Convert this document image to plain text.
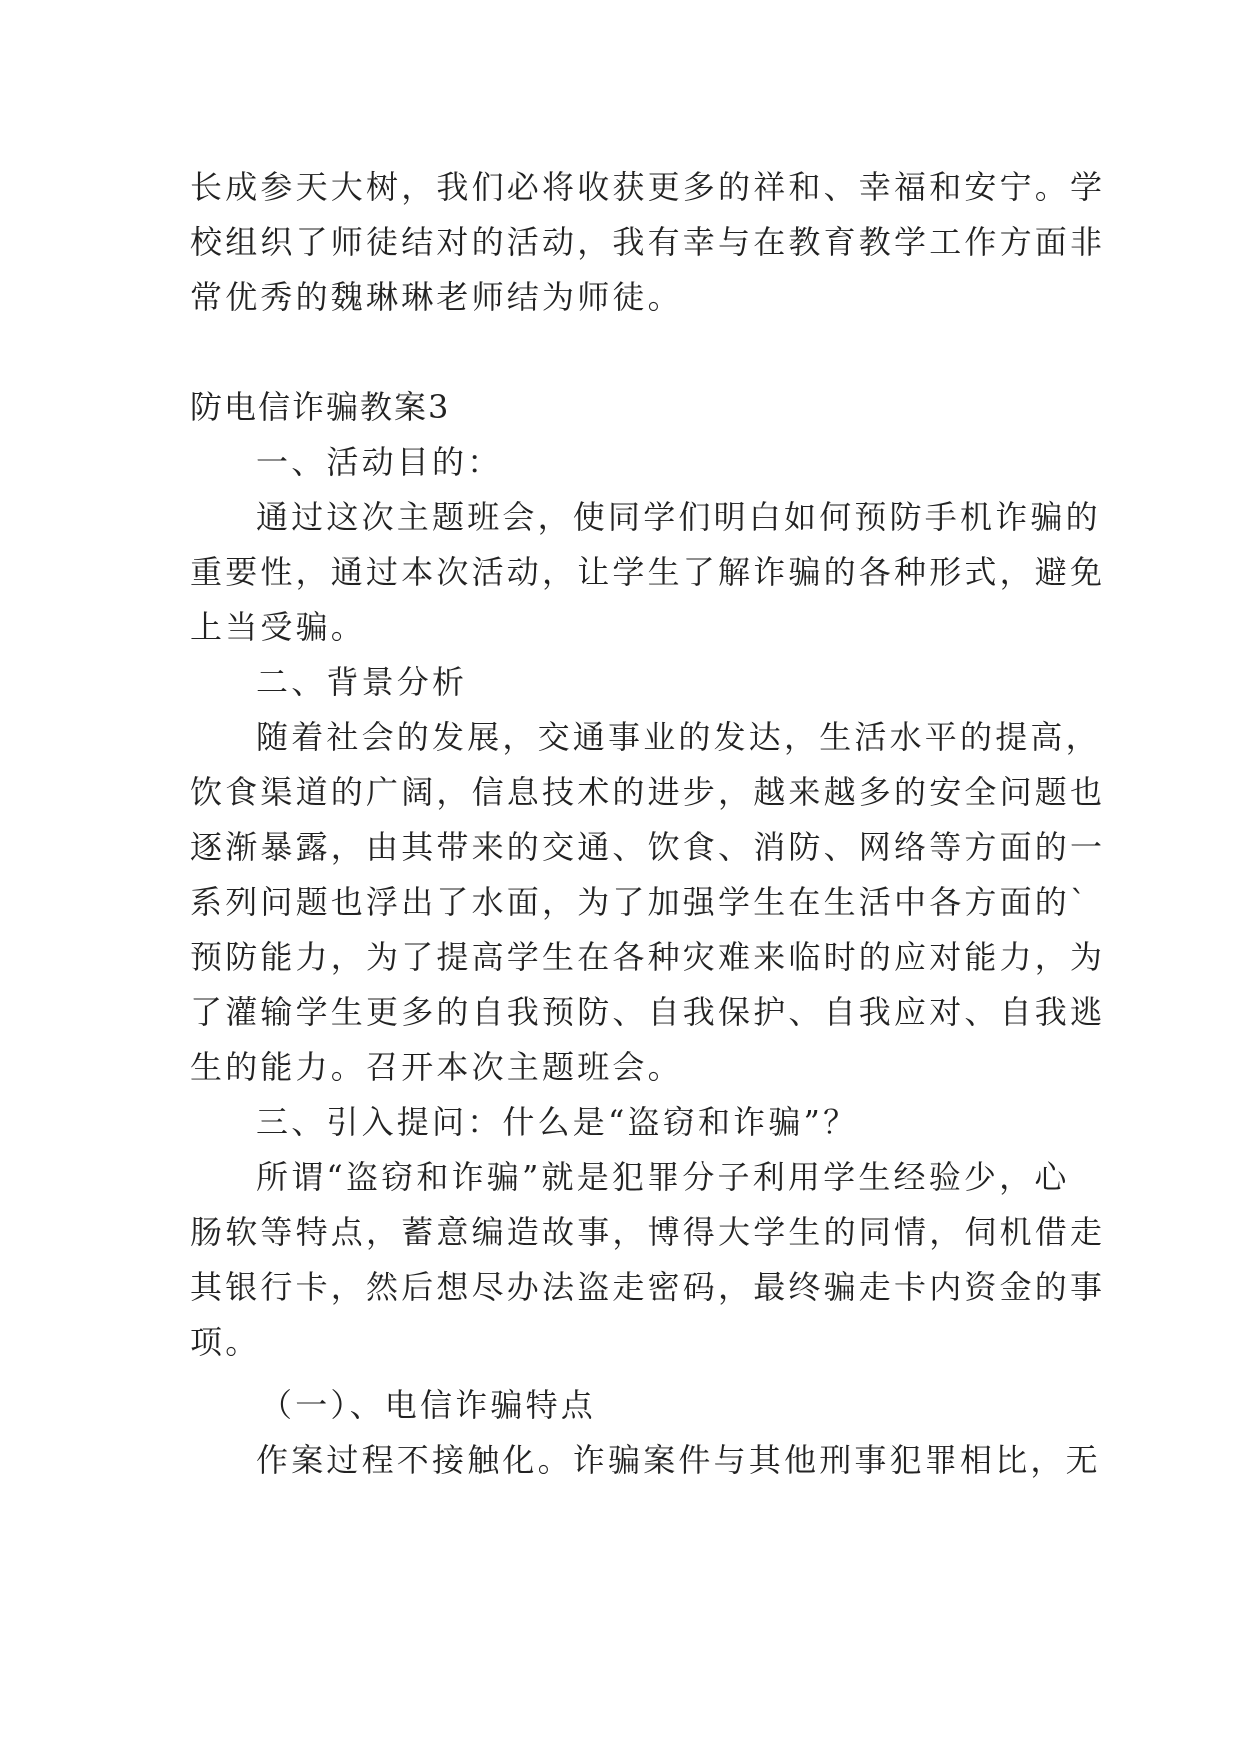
长成参天大树，我们必将收获更多的祥和、幸福和安宁。学
校组织了师徒结对的活动，我有幸与在教育教学工作方面非
常优秀的魏琳琳老师结为师徒。
防电信诈骗教案3
一、活动目的：
通过这次主题班会，使同学们明白如何预防手机诈骗的
重要性，通过本次活动，让学生了解诈骗的各种形式，避免
上当受骗。
二、背景分析
随着社会的发展，交通事业的发达，生活水平的提高，
饮食渠道的广阔，信息技术的进步，越来越多的安全问题也
逐渐暴露，由其带来的交通、饮食、消防、网络等方面的一
系列问题也浮出了水面，为了加强学生在生活中各方面的`
预防能力，为了提高学生在各种灾难来临时的应对能力，为
了灌输学生更多的自我预防、自我保护、自我应对、自我逃
生的能力。召开本次主题班会。
三、引入提问：什么是“盗窃和诈骗”？
所谓“盗窃和诈骗”就是犯罪分子利用学生经验少，心
肠软等特点，蓄意编造故事，博得大学生的同情，伺机借走
其银行卡，然后想尽办法盗走密码，最终骗走卡内资金的事
项。
（一）、电信诈骗特点
作案过程不接触化。诈骗案件与其他刑事犯罪相比，无
